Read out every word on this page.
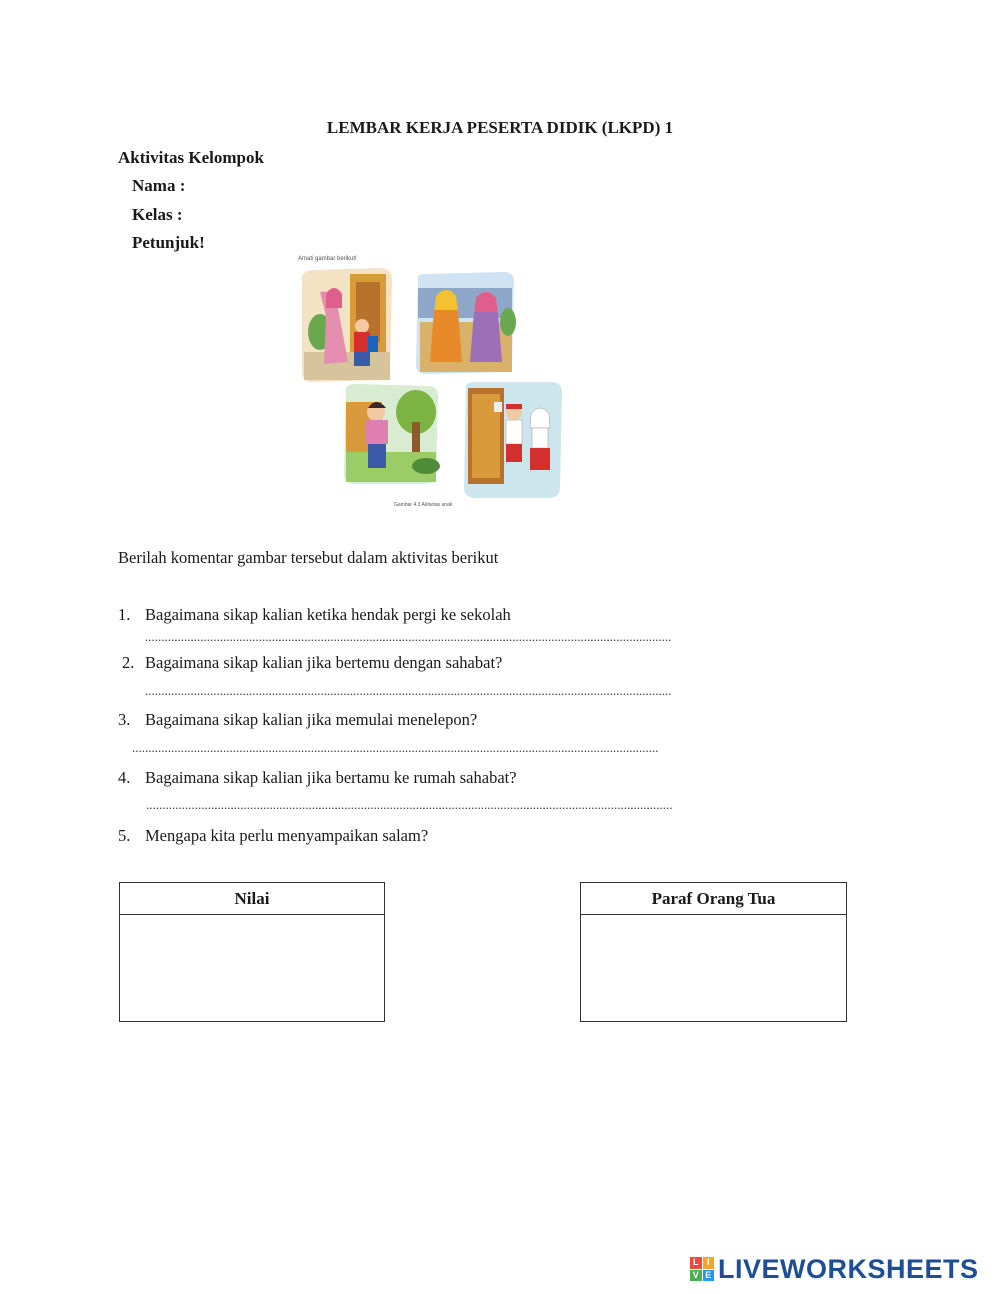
LEMBAR KERJA PESERTA DIDIK (LKPD) 1
Aktivitas Kelompok
Nama :
Kelas :
Petunjuk!
Amati gambar berikut!
Gambar 4.3 Aktivitas anak
Berilah komentar gambar tersebut dalam aktivitas berikut
1. Bagaimana sikap kalian ketika hendak pergi ke sekolah
..................................................................................................................................................................
2. Bagaimana sikap kalian jika bertemu dengan sahabat?
..................................................................................................................................................................
3. Bagaimana sikap kalian jika memulai menelepon?
..................................................................................................................................................................
4. Bagaimana sikap kalian jika bertamu ke rumah sahabat?
..................................................................................................................................................................
5. Mengapa kita perlu menyampaikan salam?
Nilai	Paraf Orang Tua
L I
V E LIVEWORKSHEETS
